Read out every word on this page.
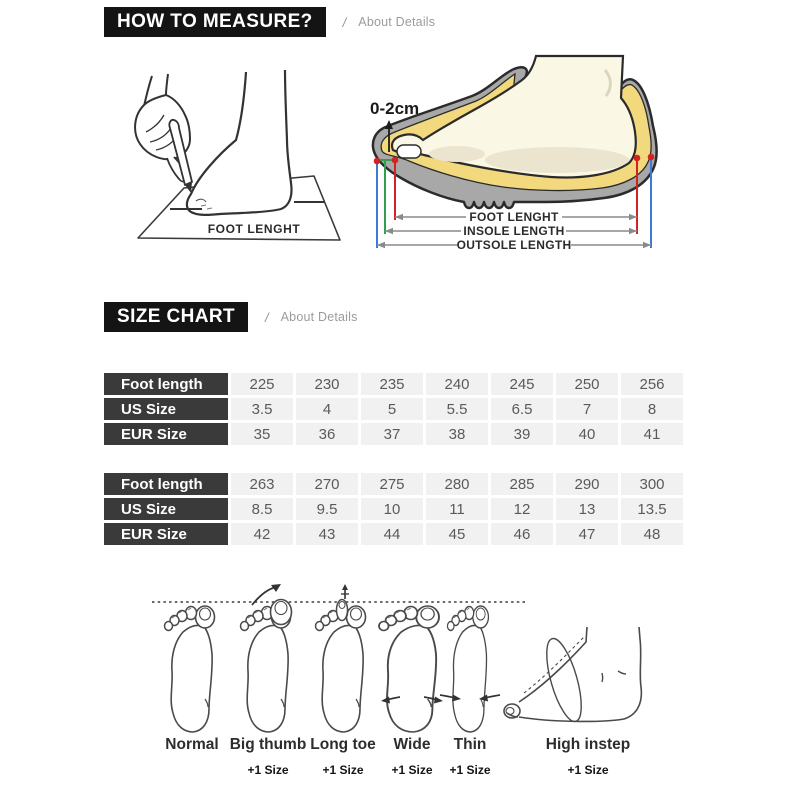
HOW TO MEASURE?	/ About Details
FOOT LENGHT
0-2cm
FOOT LENGHT
INSOLE LENGTH
OUTSOLE LENGTH
SIZE CHART	/ About Details
Foot length	225	230	235	240	245	250	256
US Size	3.5	4	5	5.5	6.5	7	8
EUR Size	35	36	37	38	39	40	41
Foot length	263	270	275	280	285	290	300
US Size	8.5	9.5	10	11	12	13	13.5
EUR Size	42	43	44	45	46	47	48
Normal Big thumb Long toe Wide Thin	High instep
+1 Size	+1 Size +1 Size +1 Size	+1 Size
